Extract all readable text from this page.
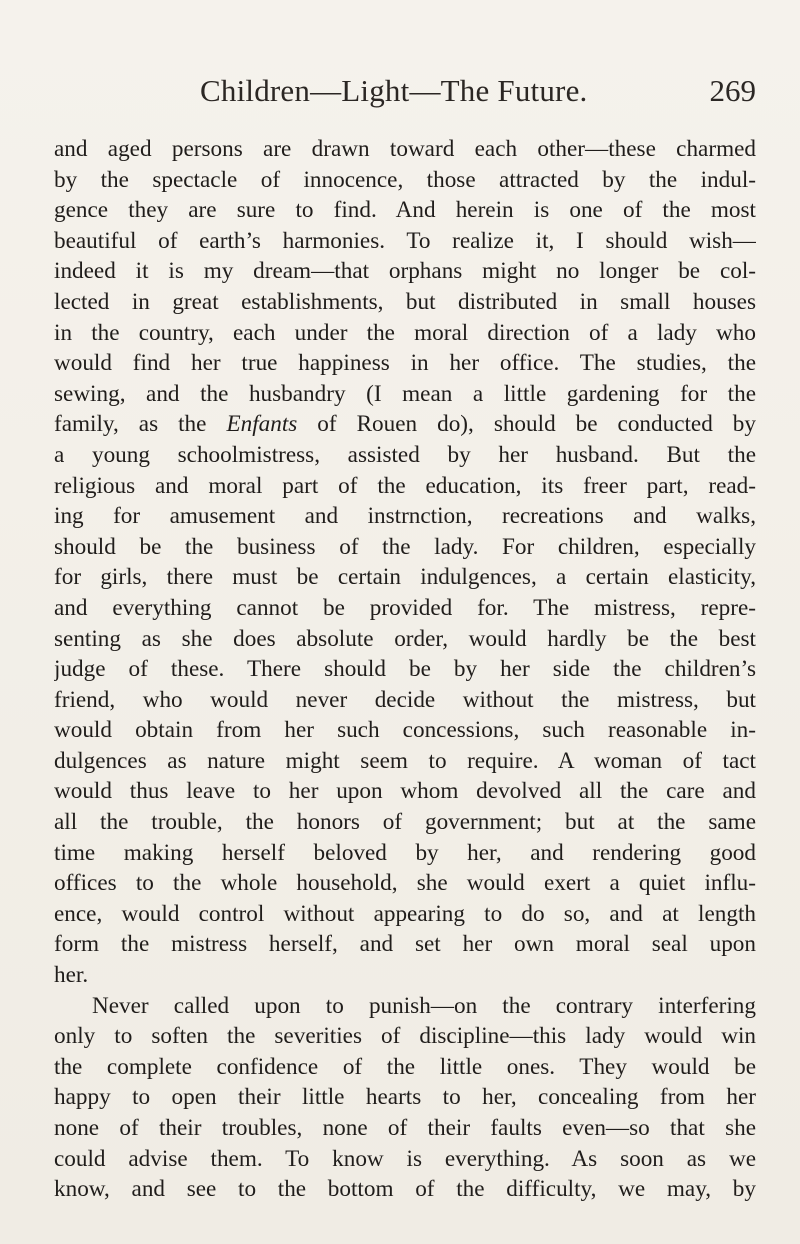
Children—Light—The Future.	269
and aged persons are drawn toward each other—these charmed
by the spectacle of innocence, those attracted by the indul-
gence they are sure to find. And herein is one of the most
beautiful of earth’s harmonies. To realize it, I should wish—
indeed it is my dream—that orphans might no longer be col-
lected in great establishments, but distributed in small houses
in the country, each under the moral direction of a lady who
would find her true happiness in her office. The studies, the
sewing, and the husbandry (I mean a little gardening for the
family, as the Enfants of Rouen do), should be conducted by
a young schoolmistress, assisted by her husband. But the
religious and moral part of the education, its freer part, read-
ing for amusement and instrnction, recreations and walks,
should be the business of the lady. For children, especially
for girls, there must be certain indulgences, a certain elasticity,
and everything cannot be provided for. The mistress, repre-
senting as she does absolute order, would hardly be the best
judge of these. There should be by her side the children’s
friend, who would never decide without the mistress, but
would obtain from her such concessions, such reasonable in-
dulgences as nature might seem to require. A woman of tact
would thus leave to her upon whom devolved all the care and
all the trouble, the honors of government; but at the same
time making herself beloved by her, and rendering good
offices to the whole household, she would exert a quiet influ-
ence, would control without appearing to do so, and at length
form the mistress herself, and set her own moral seal upon
her.
Never called upon to punish—on the contrary interfering
only to soften the severities of discipline—this lady would win
the complete confidence of the little ones. They would be
happy to open their little hearts to her, concealing from her
none of their troubles, none of their faults even—so that she
could advise them. To know is everything. As soon as we
know, and see to the bottom of the difficulty, we may, by
